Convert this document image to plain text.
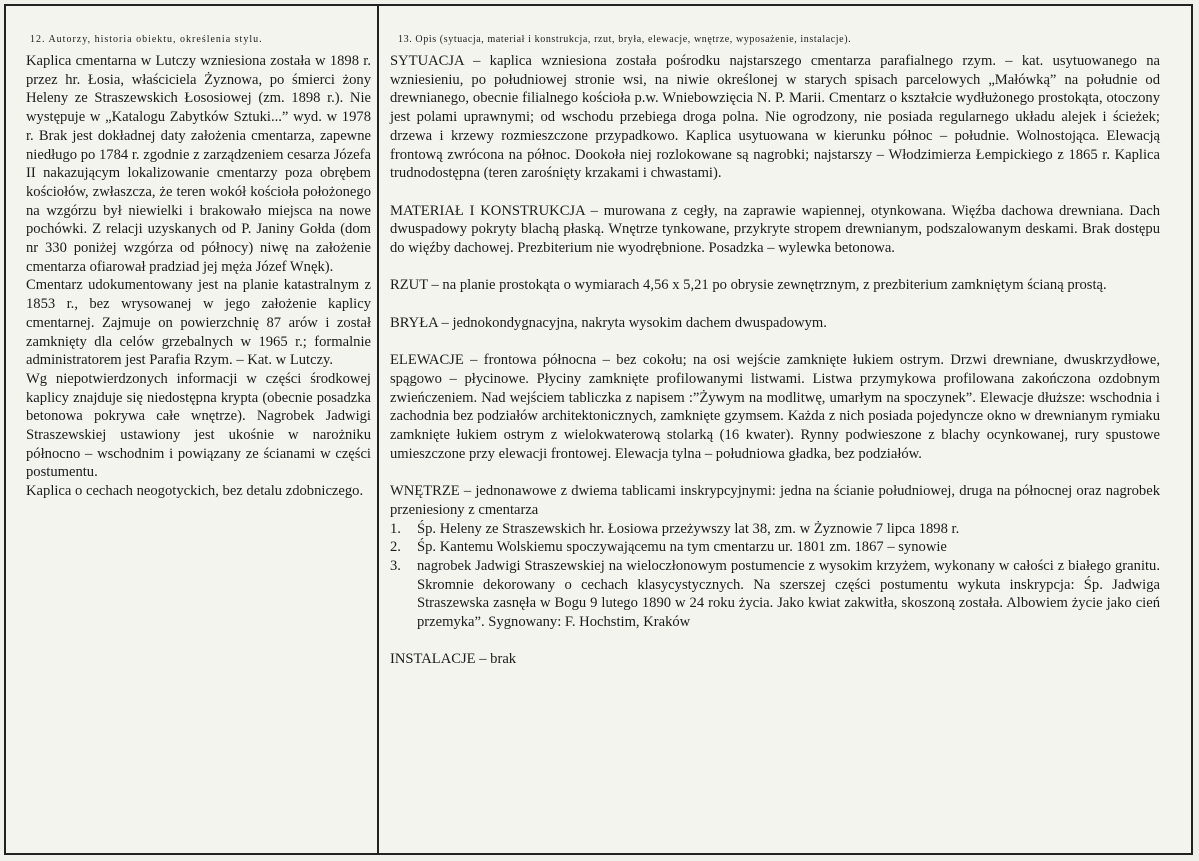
12. Autorzy, historia obiektu, określenia stylu.

Kaplica cmentarna w Lutczy wzniesiona została w 1898 r. przez hr. Łosia, właściciela Żyznowa, po śmierci żony Heleny ze Straszewskich Łososiowej (zm. 1898 r.). Nie występuje w „Katalogu Zabytków Sztuki...” wyd. w 1978 r. Brak jest dokładnej daty założenia cmentarza, zapewne niedługo po 1784 r. zgodnie z zarządzeniem cesarza Józefa II nakazującym lokalizowanie cmentarzy poza obrębem kościołów, zwłaszcza, że teren wokół kościoła położonego na wzgórzu był niewielki i brakowało miejsca na nowe pochówki. Z relacji uzyskanych od P. Janiny Gołda (dom nr 330 poniżej wzgórza od północy) niwę na założenie cmentarza ofiarował pradziad jej męża Józef Wnęk).

Cmentarz udokumentowany jest na planie katastralnym z 1853 r., bez wrysowanej w jego założenie kaplicy cmentarnej. Zajmuje on powierzchnię 87 arów i został zamknięty dla celów grzebalnych w 1965 r.; formalnie administratorem jest Parafia Rzym. – Kat. w Lutczy.

Wg niepotwierdzonych informacji w części środkowej kaplicy znajduje się niedostępna krypta (obecnie posadzka betonowa pokrywa całe wnętrze). Nagrobek Jadwigi Straszewskiej ustawiony jest ukośnie w narożniku północno – wschodnim i powiązany ze ścianami w części postumentu.

Kaplica o cechach neogotyckich, bez detalu zdobniczego.

13. Opis (sytuacja, materiał i konstrukcja, rzut, bryła, elewacje, wnętrze, wyposażenie, instalacje).

SYTUACJA – kaplica wzniesiona została pośrodku najstarszego cmentarza parafialnego rzym. – kat. usytuowanego na wzniesieniu, po południowej stronie wsi, na niwie określonej w starych spisach parcelowych „Małówką” na południe od drewnianego, obecnie filialnego kościoła p.w. Wniebowzięcia N. P. Marii. Cmentarz o kształcie wydłużonego prostokąta, otoczony jest polami uprawnymi; od wschodu przebiega droga polna. Nie ogrodzony, nie posiada regularnego układu alejek i ścieżek; drzewa i krzewy rozmieszczone przypadkowo. Kaplica usytuowana w kierunku północ – południe. Wolnostojąca. Elewacją frontową zwrócona na północ. Dookoła niej rozlokowane są nagrobki; najstarszy – Włodzimierza Łempickiego z 1865 r. Kaplica trudnodostępna (teren zarośnięty krzakami i chwastami).

MATERIAŁ I KONSTRUKCJA – murowana z cegły, na zaprawie wapiennej, otynkowana. Więźba dachowa drewniana. Dach dwuspadowy pokryty blachą płaską. Wnętrze tynkowane, przykryte stropem drewnianym, podszalowanym deskami. Brak dostępu do więźby dachowej. Prezbiterium nie wyodrębnione. Posadzka – wylewka betonowa.

RZUT – na planie prostokąta o wymiarach 4,56 x 5,21 po obrysie zewnętrznym, z prezbiterium zamkniętym ścianą prostą.

BRYŁA – jednokondygnacyjna, nakryta wysokim dachem dwuspadowym.

ELEWACJE – frontowa północna – bez cokołu; na osi wejście zamknięte łukiem ostrym. Drzwi drewniane, dwuskrzydłowe, spągowo – płycinowe. Płyciny zamknięte profilowanymi listwami. Listwa przymykowa profilowana zakończona ozdobnym zwieńczeniem. Nad wejściem tabliczka z napisem :”Żywym na modlitwę, umarłym na spoczynek”. Elewacje dłuższe: wschodnia i zachodnia bez podziałów architektonicznych, zamknięte gzymsem. Każda z nich posiada pojedyncze okno w drewnianym rymiaku zamknięte łukiem ostrym z wielokwaterową stolarką (16 kwater). Rynny podwieszone z blachy ocynkowanej, rury spustowe umieszczone przy elewacji frontowej. Elewacja tylna – południowa gładka, bez podziałów.

WNĘTRZE – jednonawowe z dwiema tablicami inskrypcyjnymi: jedna na ścianie południowej, druga na północnej oraz nagrobek przeniesiony z cmentarza

1.	Śp. Heleny ze Straszewskich hr. Łosiowa przeżywszy lat 38, zm. w Żyznowie 7 lipca 1898 r.
2.	Śp. Kantemu Wolskiemu spoczywającemu na tym cmentarzu ur. 1801 zm. 1867 – synowie
3.	nagrobek Jadwigi Straszewskiej na wieloczłonowym postumencie z wysokim krzyżem, wykonany w całości z białego granitu. Skromnie dekorowany o cechach klasycystycznych. Na szerszej części postumentu wykuta inskrypcja: Śp. Jadwiga Straszewska zasnęła w Bogu 9 lutego 1890 w 24 roku życia. Jako kwiat zakwitła, skoszoną została. Albowiem życie jako cień przemyka”. Sygnowany: F. Hochstim, Kraków

INSTALACJE – brak
